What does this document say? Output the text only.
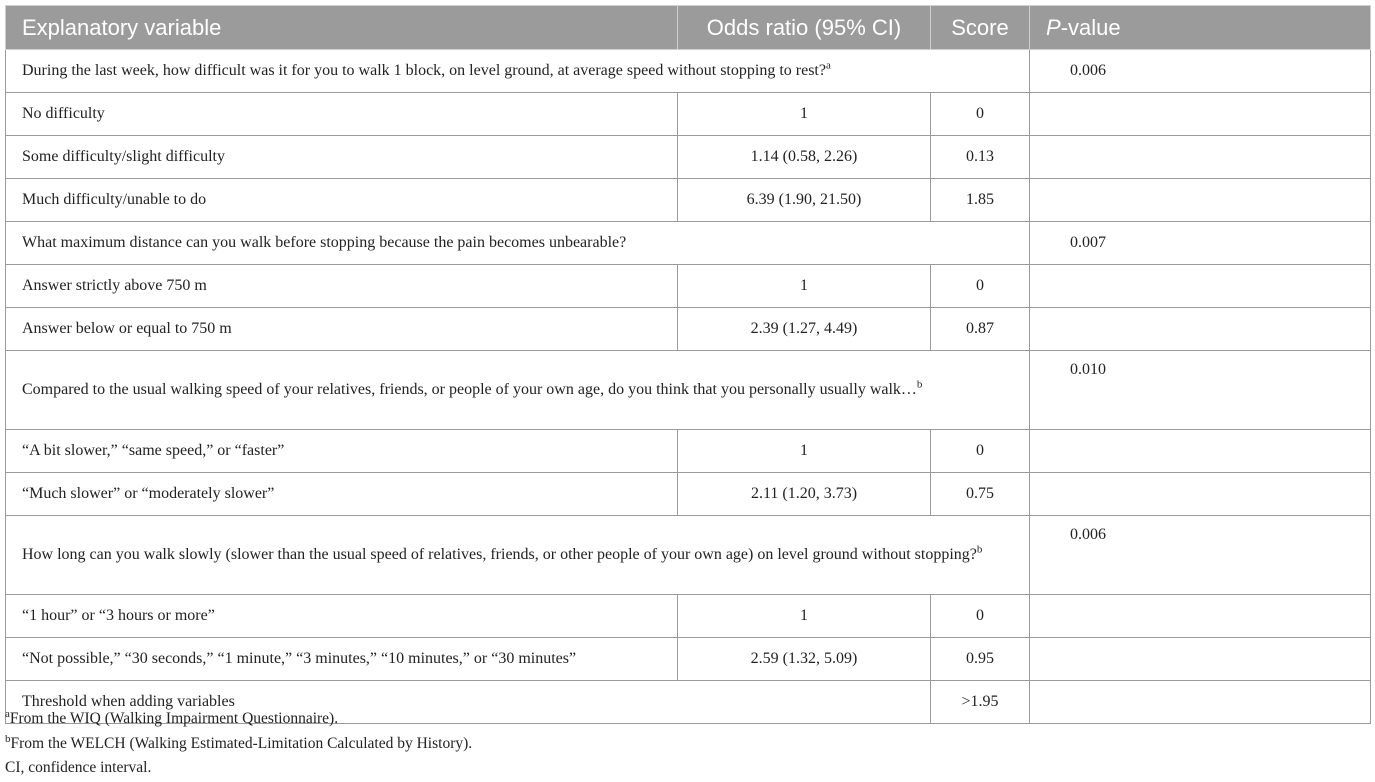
Explanatory variable	Odds ratio (95% CI)	Score	P-value
During the last week, how difficult was it for you to walk 1 block, on level ground, at average speed without stopping to rest?$^a$			0.006
No difficulty	1	0	
Some difficulty/slight difficulty	1.14 (0.58, 2.26)	0.13	
Much difficulty/unable to do	6.39 (1.90, 21.50)	1.85	
What maximum distance can you walk before stopping because the pain becomes unbearable?			0.007
Answer strictly above 750 m	1	0	
Answer below or equal to 750 m	2.39 (1.27, 4.49)	0.87	
Compared to the usual walking speed of your relatives, friends, or people of your own age, do you think that you personally usually walk…$^b$			0.010
“A bit slower,” “same speed,” or “faster”	1	0	
“Much slower” or “moderately slower”	2.11 (1.20, 3.73)	0.75	
How long can you walk slowly (slower than the usual speed of relatives, friends, or other people of your own age) on level ground without stopping?$^b$			0.006
“1 hour” or “3 hours or more”	1	0	
“Not possible,” “30 seconds,” “1 minute,” “3 minutes,” “10 minutes,” or “30 minutes”	2.59 (1.32, 5.09)	0.95	
Threshold when adding variables		>1.95	
$^a$From the WIQ (Walking Impairment Questionnaire).
$^b$From the WELCH (Walking Estimated-Limitation Calculated by History).
CI, confidence interval.
